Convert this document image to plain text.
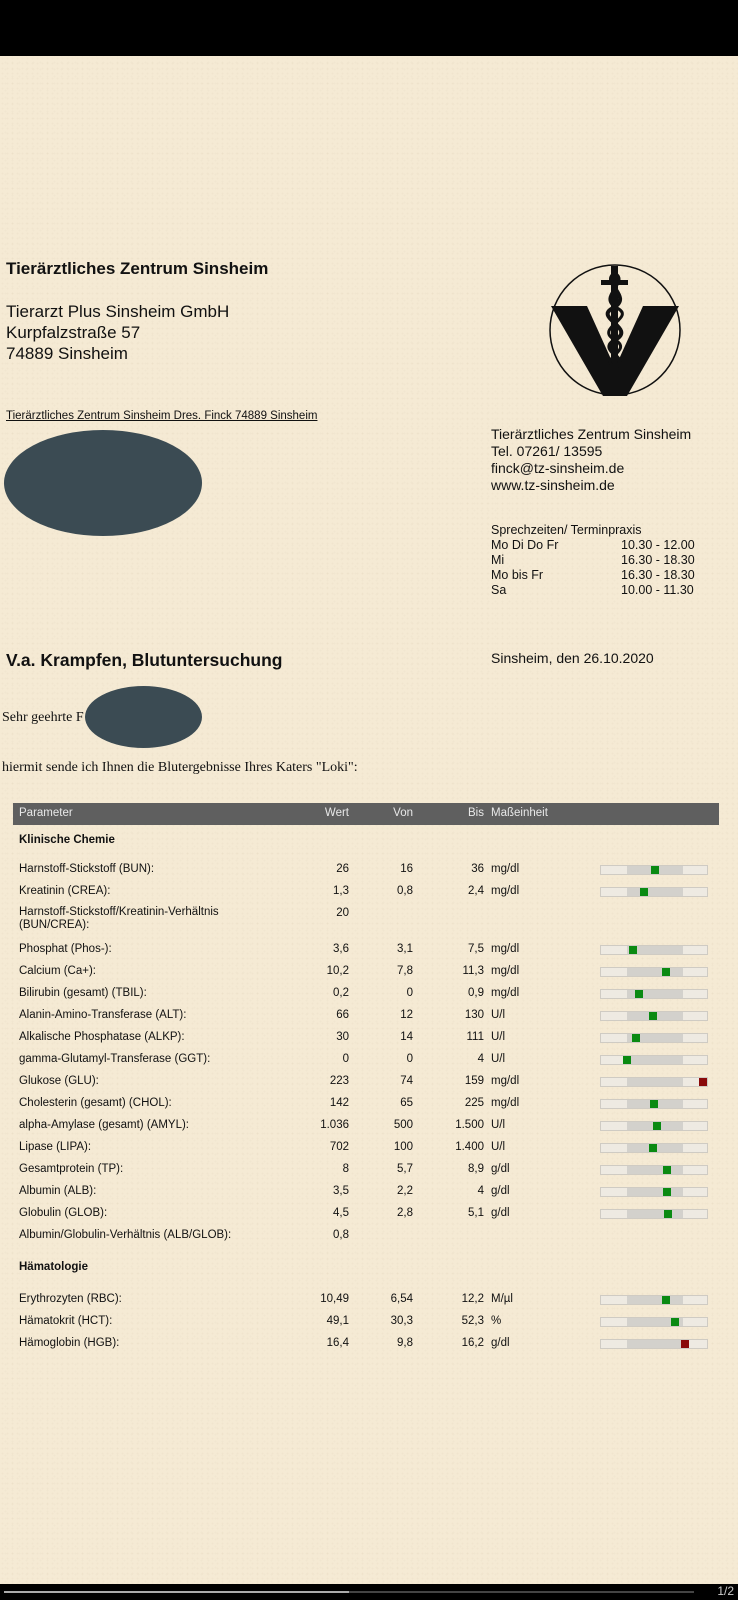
Tierärztliches Zentrum Sinsheim
Tierarzt Plus Sinsheim GmbH
Kurpfalzstraße 57
74889 Sinsheim
Tierärztliches Zentrum Sinsheim Dres. Finck 74889 Sinsheim
Tierärztliches Zentrum Sinsheim
Tel. 07261/ 13595
finck@tz-sinsheim.de
www.tz-sinsheim.de
Sprechzeiten/ Terminpraxis
Mo Di Do Fr	10.30 - 12.00
Mi	16.30 - 18.30
Mo bis Fr	16.30 - 18.30
Sa	10.00 - 11.30
V.a. Krampfen, Blutuntersuchung	Sinsheim, den 26.10.2020
Sehr geehrte F
hiermit sende ich Ihnen die Blutergebnisse Ihres Katers "Loki":
Parameter	Wert	Von	Bis Maßeinheit
Klinische Chemie
Harnstoff-Stickstoff (BUN):	26	16	36 mg/dl
Kreatinin (CREA):	1,3	0,8	2,4 mg/dl
Harnstoff-Stickstoff/Kreatinin-Verhältnis (BUN/CREA):
20
Phosphat (Phos-):	3,6	3,1	7,5 mg/dl
Calcium (Ca+):	10,2	7,8	11,3 mg/dl
Bilirubin (gesamt) (TBIL):	0,2	0	0,9 mg/dl
Alanin-Amino-Transferase (ALT):	66	12	130 U/l
Alkalische Phosphatase (ALKP):	30	14	111 U/l
gamma-Glutamyl-Transferase (GGT):	0	0	4 U/l
Glukose (GLU):	223	74	159 mg/dl
Cholesterin (gesamt) (CHOL):	142	65	225 mg/dl
alpha-Amylase (gesamt) (AMYL):	1.036	500	1.500 U/l
Lipase (LIPA):	702	100	1.400 U/l
Gesamtprotein (TP):	8	5,7	8,9 g/dl
Albumin (ALB):	3,5	2,2	4 g/dl
Globulin (GLOB):	4,5	2,8	5,1 g/dl
Albumin/Globulin-Verhältnis (ALB/GLOB):	0,8
Hämatologie
Erythrozyten (RBC):	10,49	6,54	12,2 M/µl
Hämatokrit (HCT):	49,1	30,3	52,3 %
Hämoglobin (HGB):	16,4	9,8	16,2 g/dl
1/2
